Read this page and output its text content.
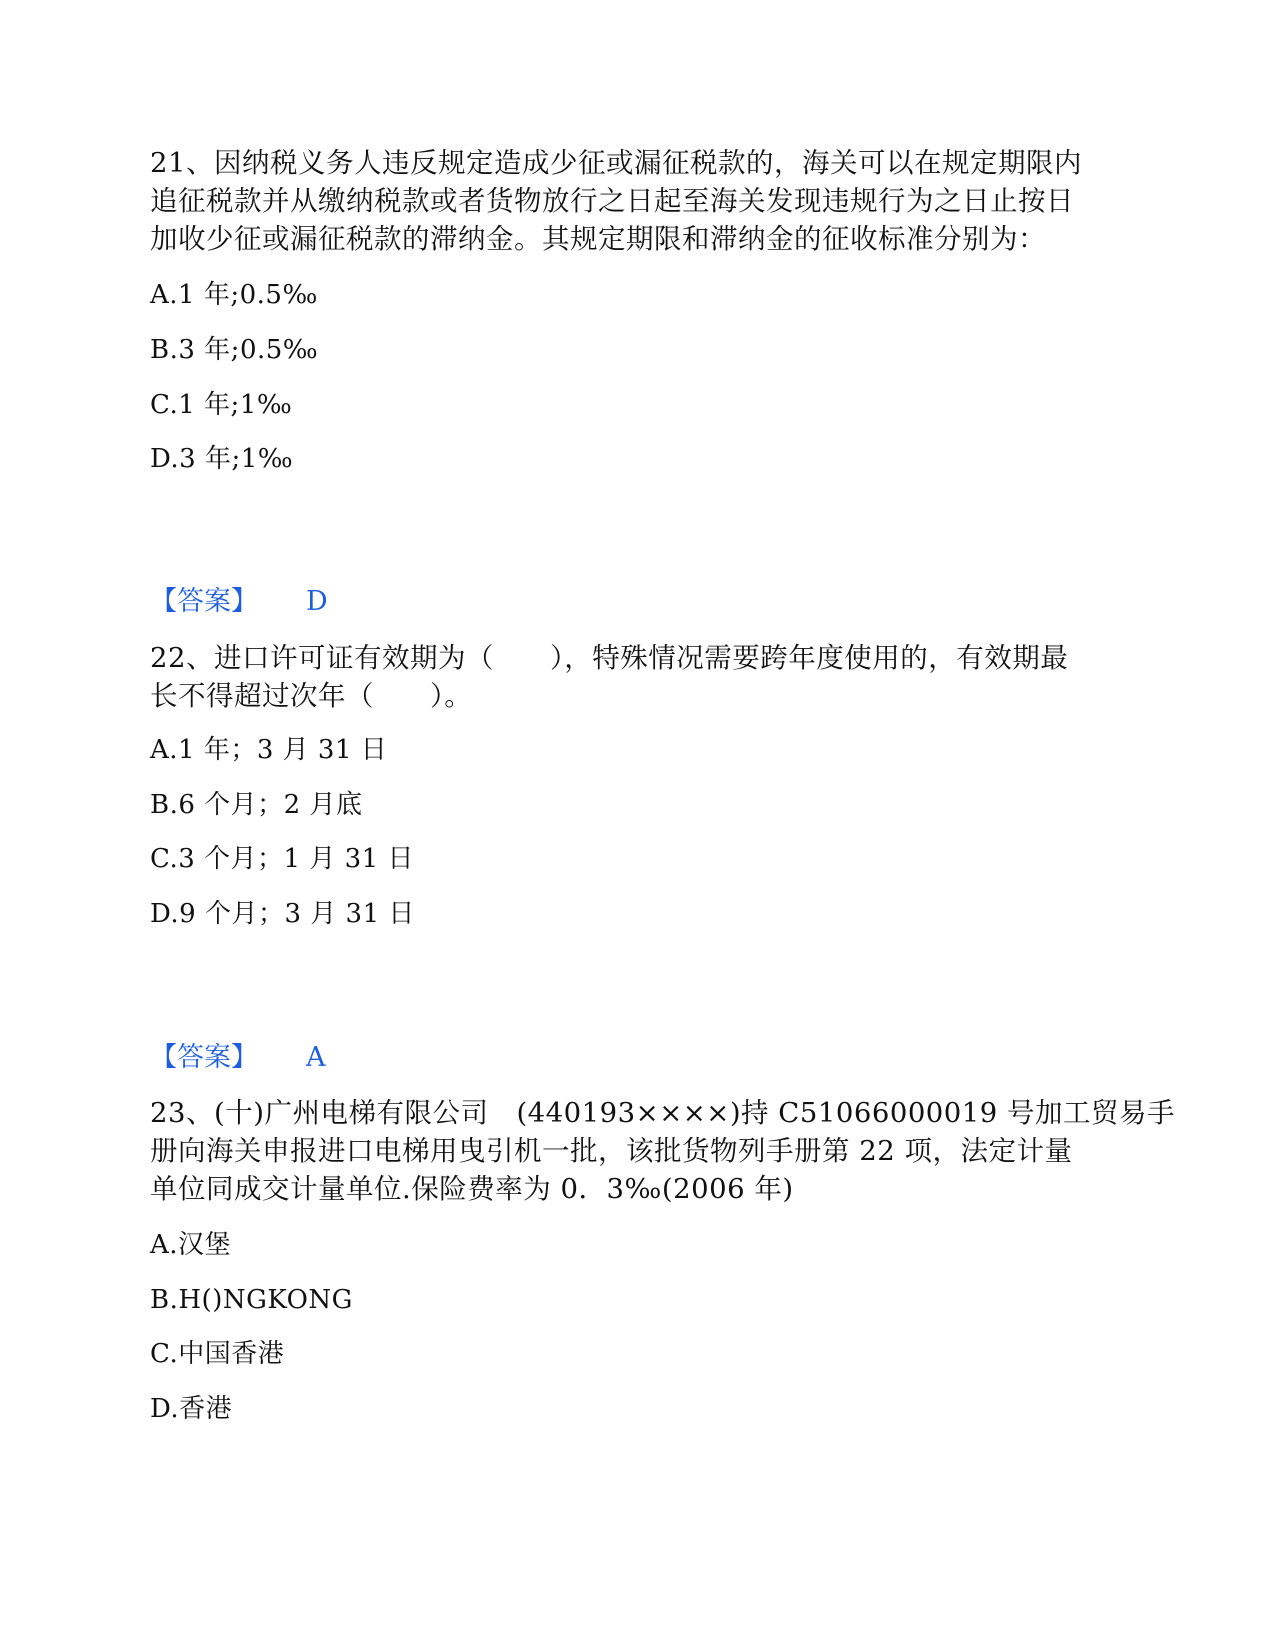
21、因纳税义务人违反规定造成少征或漏征税款的，海关可以在规定期限内
追征税款并从缴纳税款或者货物放行之日起至海关发现违规行为之日止按日
加收少征或漏征税款的滞纳金。其规定期限和滞纳金的征收标准分别为：
A.1 年;0.5‰
B.3 年;0.5‰
C.1 年;1‰
D.3 年;1‰
【答案】 D
22、进口许可证有效期为（　　），特殊情况需要跨年度使用的，有效期最
长不得超过次年（　　）。
A.1 年；3 月 31 日
B.6 个月；2 月底
C.3 个月；1 月 31 日
D.9 个月；3 月 31 日
【答案】 A
23、(十)广州电梯有限公司　(440193××××)持 C51066000019 号加工贸易手
册向海关申报进口电梯用曳引机一批，该批货物列手册第 22 项，法定计量
单位同成交计量单位.保险费率为 0．3‰(2006 年)
A.汉堡
B.H()NGKONG
C.中国香港
D.香港
